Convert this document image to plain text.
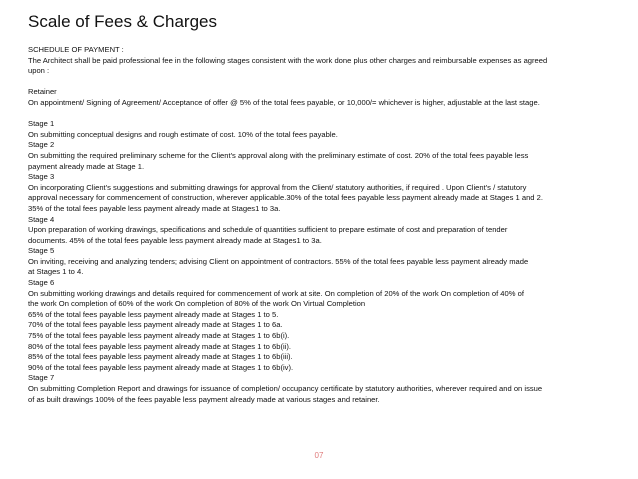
Scale of Fees & Charges
SCHEDULE OF PAYMENT :
The Architect shall be paid professional fee in the following stages consistent with the work done plus other charges and reimbursable expenses as agreed
upon :
Retainer
On appointment/ Signing of Agreement/ Acceptance of offer @ 5% of the total fees payable, or 10,000/= whichever is higher, adjustable at the last stage.
Stage 1
On submitting conceptual designs and rough estimate of cost. 10% of the total fees payable.
Stage 2
On submitting the required preliminary scheme for the Client's approval along with the preliminary estimate of cost. 20% of the total fees payable less
payment already made at Stage 1.
Stage 3
On incorporating Client's suggestions and submitting drawings for approval from the Client/ statutory authorities, if required . Upon Client's / statutory
approval necessary for commencement of construction, wherever applicable.30% of the total fees payable less payment already made at Stages 1 and 2.
35% of the total fees payable less payment already made at Stages1 to 3a.
Stage 4
Upon preparation of working drawings, specifications and schedule of quantities sufficient to prepare estimate of cost and preparation of tender
documents. 45% of the total fees payable less payment already made at Stages1 to 3a.
Stage 5
On inviting, receiving and analyzing tenders; advising Client on appointment of contractors. 55% of the total fees payable less payment already made
at Stages 1 to 4.
Stage 6
On submitting working drawings and details required for commencement of work at site. On completion of 20% of the work On completion of 40% of
the work On completion of 60% of the work On completion of 80% of the work On Virtual Completion
65% of the total fees payable less payment already made at Stages 1 to 5.
70% of the total fees payable less payment already made at Stages 1 to 6a.
75% of the total fees payable less payment already made at Stages 1 to 6b(i).
80% of the total fees payable less payment already made at Stages 1 to 6b(ii).
85% of the total fees payable less payment already made at Stages 1 to 6b(iii).
90% of the total fees payable less payment already made at Stages 1 to 6b(iv).
Stage 7
On submitting Completion Report and drawings for issuance of completion/ occupancy certificate by statutory authorities, wherever required and on issue
of as built drawings 100% of the fees payable less payment already made at various stages and retainer.
07
